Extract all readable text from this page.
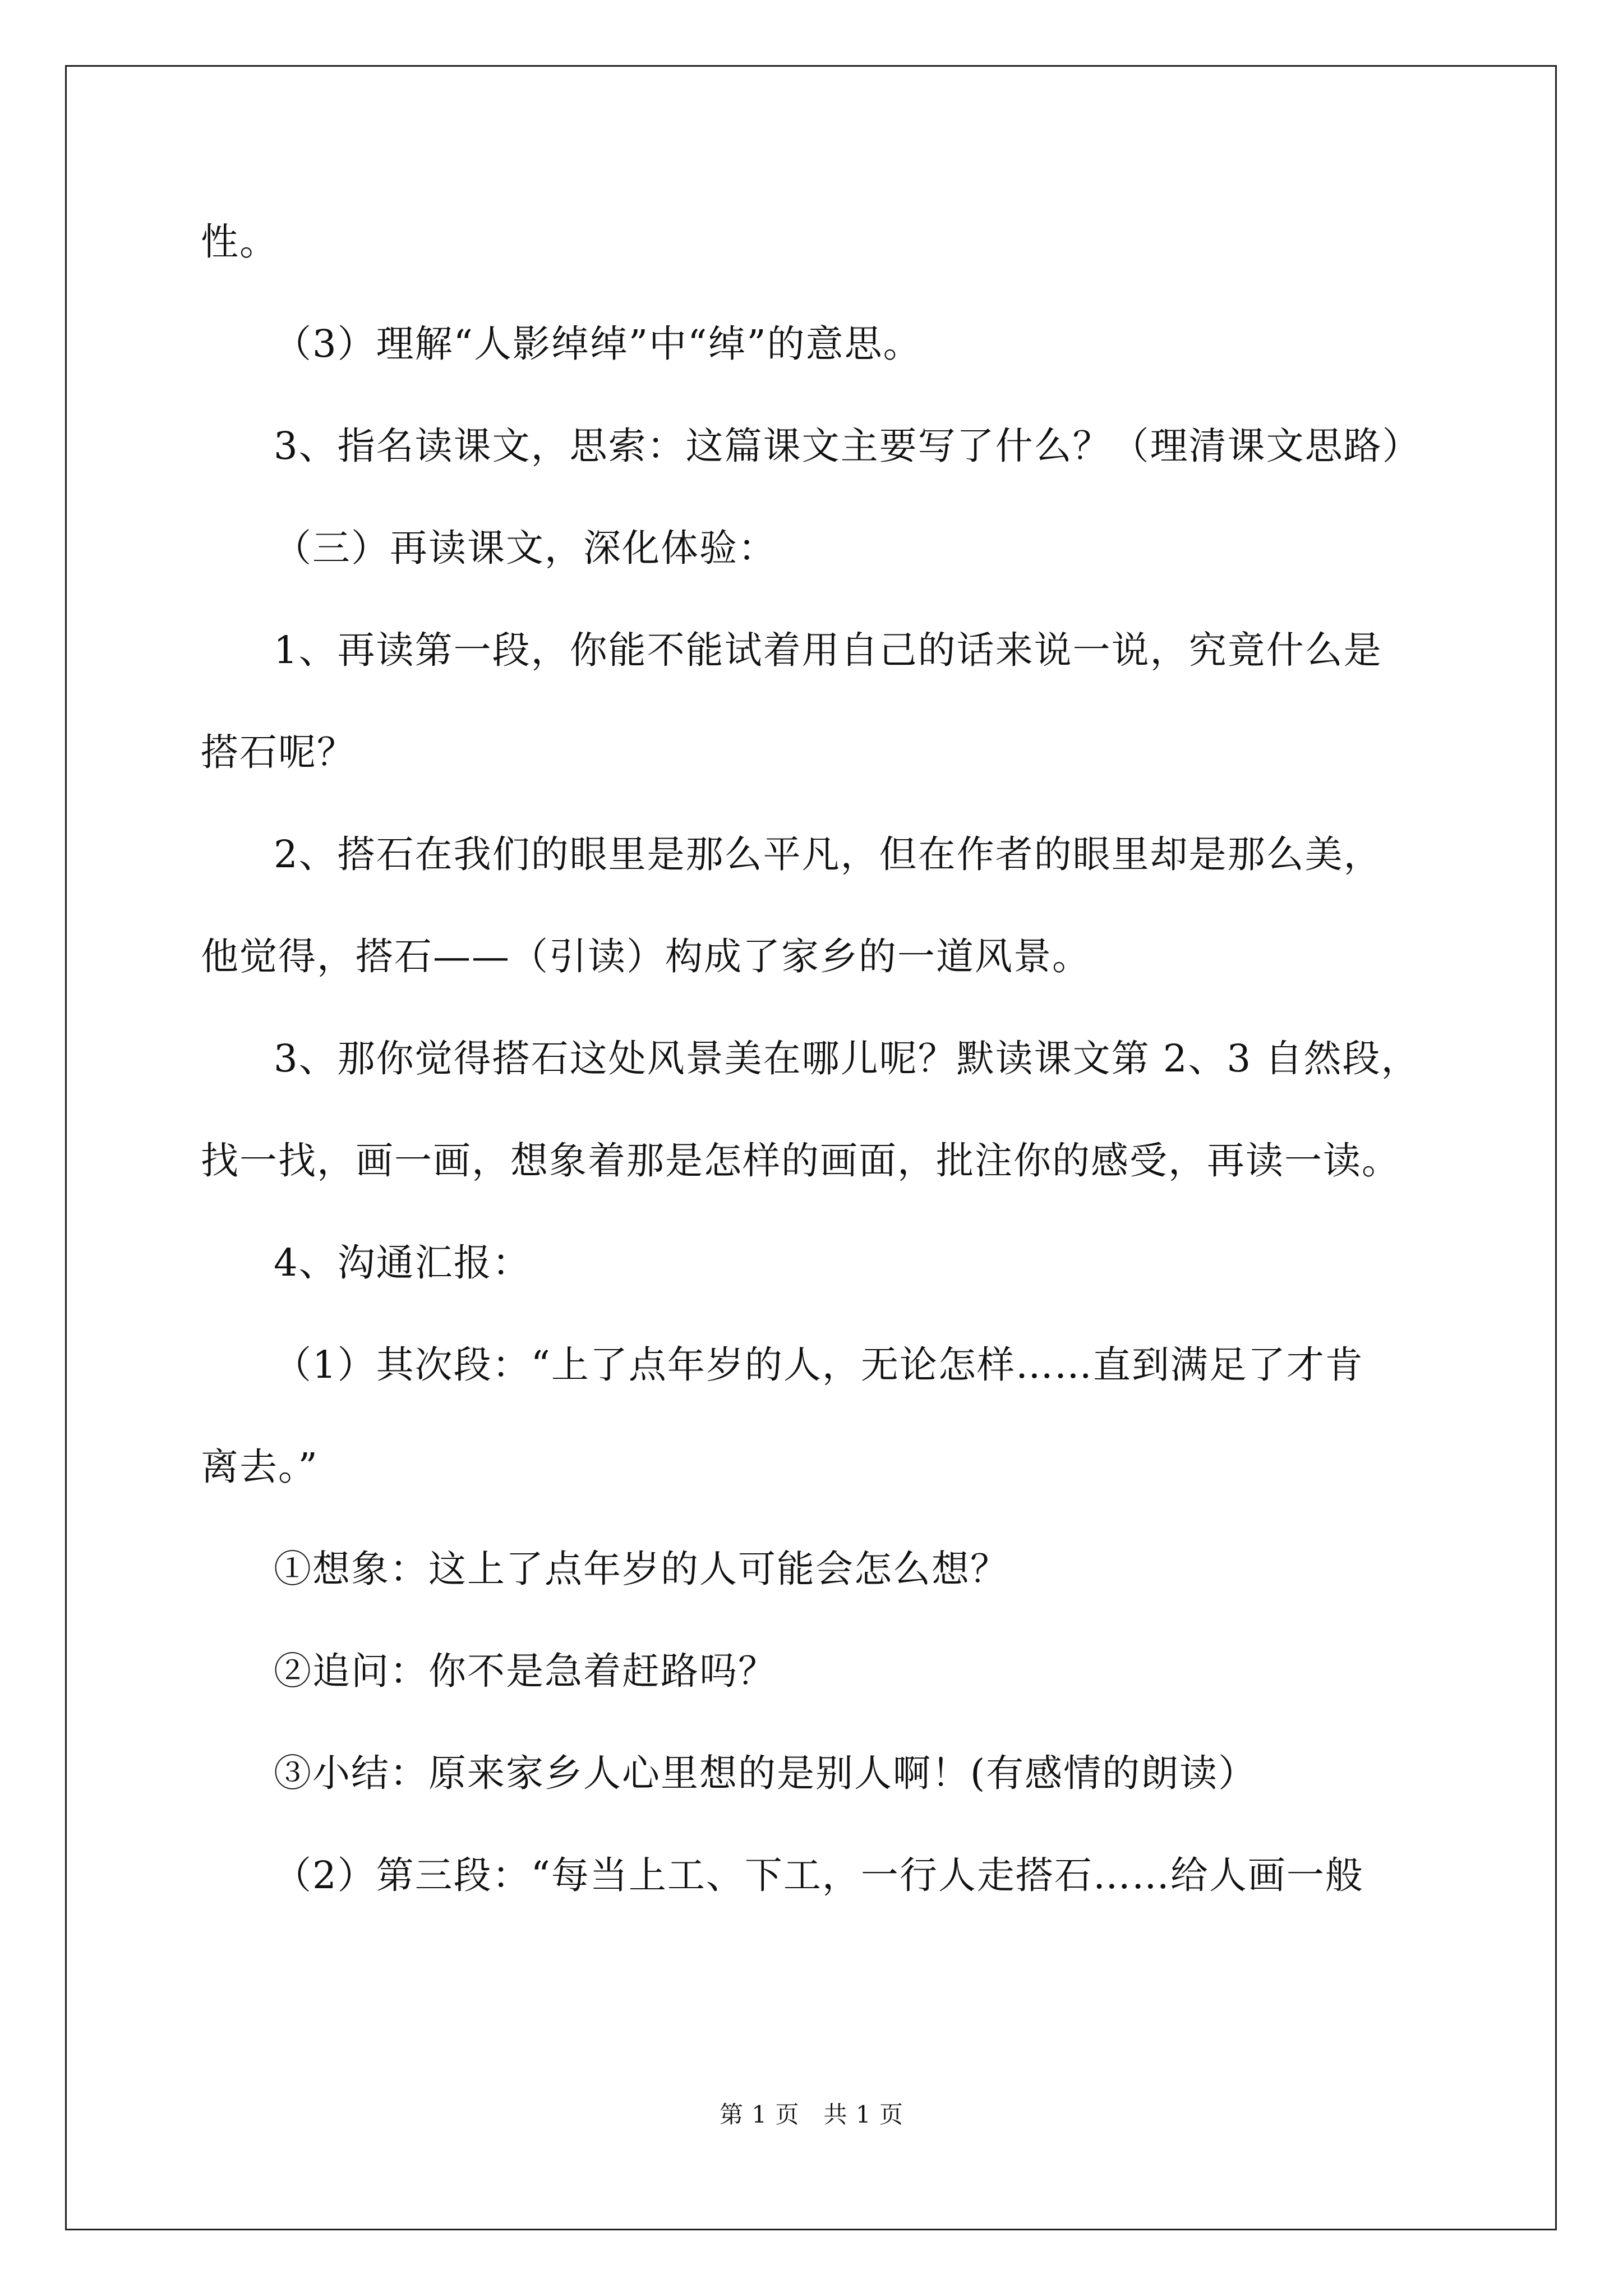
性。
（3）理解“人影绰绰”中“绰”的意思。
3、指名读课文，思索：这篇课文主要写了什么？（理清课文思路）
（三）再读课文，深化体验：
1、再读第一段，你能不能试着用自己的话来说一说，究竟什么是
搭石呢？
2、搭石在我们的眼里是那么平凡，但在作者的眼里却是那么美，
他觉得，搭石——（引读）构成了家乡的一道风景。
3、那你觉得搭石这处风景美在哪儿呢？默读课文第 2、3 自然段，
找一找，画一画，想象着那是怎样的画面，批注你的感受，再读一读。
4、沟通汇报：
（1）其次段：“上了点年岁的人，无论怎样……直到满足了才肯
离去。”
①想象：这上了点年岁的人可能会怎么想？
②追问：你不是急着赶路吗？
③小结：原来家乡人心里想的是别人啊！(有感情的朗读）
（2）第三段：“每当上工、下工，一行人走搭石……给人画一般
第 1 页   共 1 页
